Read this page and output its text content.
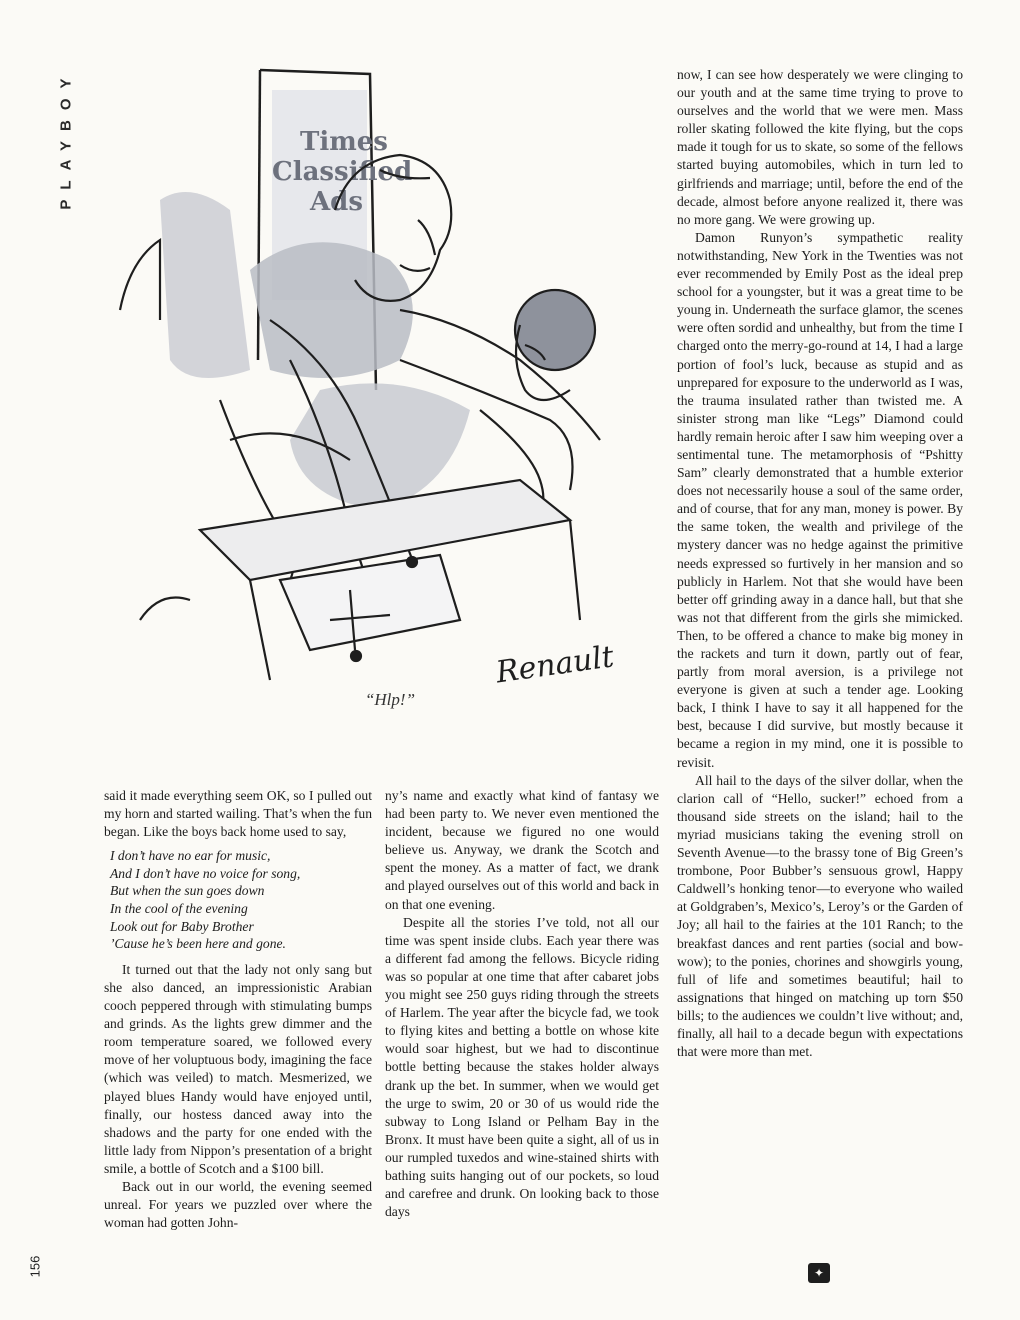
PLAYBOY	Times
Classified
Ads
Renault
“Hlp!”

said it made everything seem OK, so I pulled out my horn and started wailing. That’s when the fun began. Like the boys back home used to say,

I don’t have no ear for music,
And I don’t have no voice for song,
But when the sun goes down
In the cool of the evening
Look out for Baby Brother
’Cause he’s been here and gone.

It turned out that the lady not only sang but she also danced, an impressionistic Arabian cooch peppered through with stimulating bumps and grinds. As the lights grew dimmer and the room temperature soared, we followed every move of her voluptuous body, imagining the face (which was veiled) to match. Mesmerized, we played blues Handy would have enjoyed until, finally, our hostess danced away into the shadows and the party for one ended with the little lady from Nippon’s presentation of a bright smile, a bottle of Scotch and a $100 bill.

Back out in our world, the evening seemed unreal. For years we puzzled over where the woman had gotten John-

ny’s name and exactly what kind of fantasy we had been party to. We never even mentioned the incident, because we figured no one would believe us. Anyway, we drank the Scotch and spent the money. As a matter of fact, we drank and played ourselves out of this world and back in on that one evening.

Despite all the stories I’ve told, not all our time was spent inside clubs. Each year there was a different fad among the fellows. Bicycle riding was so popular at one time that after cabaret jobs you might see 250 guys riding through the streets of Harlem. The year after the bicycle fad, we took to flying kites and betting a bottle on whose kite would soar highest, but we had to discontinue bottle betting because the stakes holder always drank up the bet. In summer, when we would get the urge to swim, 20 or 30 of us would ride the subway to Long Island or Pelham Bay in the Bronx. It must have been quite a sight, all of us in our rumpled tuxedos and wine-stained shirts with bathing suits hanging out of our pockets, so loud and carefree and drunk. On looking back to those days

now, I can see how desperately we were clinging to our youth and at the same time trying to prove to ourselves and the world that we were men. Mass roller skating followed the kite flying, but the cops made it tough for us to skate, so some of the fellows started buying automobiles, which in turn led to girlfriends and marriage; until, before the end of the decade, almost before anyone realized it, there was no more gang. We were growing up.

Damon Runyon’s sympathetic reality notwithstanding, New York in the Twenties was not ever recommended by Emily Post as the ideal prep school for a youngster, but it was a great time to be young in. Underneath the surface glamor, the scenes were often sordid and unhealthy, but from the time I charged onto the merry-go-round at 14, I had a large portion of fool’s luck, because as stupid and as unprepared for exposure to the underworld as I was, the trauma insulated rather than twisted me. A sinister strong man like “Legs” Diamond could hardly remain heroic after I saw him weeping over a sentimental tune. The metamorphosis of “Pshitty Sam” clearly demonstrated that a humble exterior does not necessarily house a soul of the same order, and of course, that for any man, money is power. By the same token, the wealth and privilege of the mystery dancer was no hedge against the primitive needs expressed so furtively in her mansion and so publicly in Harlem. Not that she would have been better off grinding away in a dance hall, but that she was not that different from the girls she mimicked. Then, to be offered a chance to make big money in the rackets and turn it down, partly out of fear, partly from moral aversion, is a privilege not everyone is given at such a tender age. Looking back, I think I have to say it all happened for the best, because I did survive, but mostly because it became a region in my mind, one it is possible to revisit.

All hail to the days of the silver dollar, when the clarion call of “Hello, sucker!” echoed from a thousand side streets on the island; hail to the myriad musicians taking the evening stroll on Seventh Avenue—to the brassy tone of Big Green’s trombone, Poor Bubber’s sensuous growl, Happy Caldwell’s honking tenor—to everyone who wailed at Goldgraben’s, Mexico’s, Leroy’s or the Garden of Joy; all hail to the fairies at the 101 Ranch; to the breakfast dances and rent parties (social and bow-wow); to the ponies, chorines and showgirls young, full of life and sometimes beautiful; hail to assignations that hinged on matching up torn $50 bills; to the audiences we couldn’t live without; and, finally, all hail to a decade begun with expectations that were more than met.

156	✦
